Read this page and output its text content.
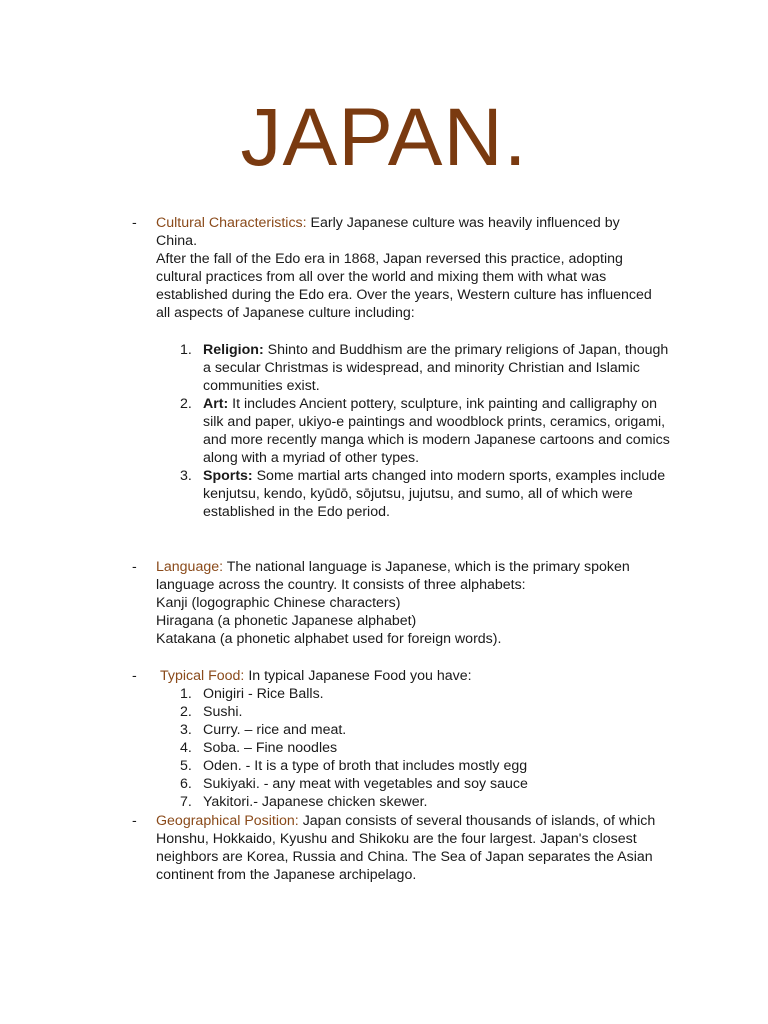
JAPAN.
- Cultural Characteristics: Early Japanese culture was heavily influenced by China.

After the fall of the Edo era in 1868, Japan reversed this practice, adopting cultural practices from all over the world and mixing them with what was established during the Edo era. Over the years, Western culture has influenced all aspects of Japanese culture including:

1. Religion: Shinto and Buddhism are the primary religions of Japan, though a secular Christmas is widespread, and minority Christian and Islamic communities exist.
2. Art: It includes Ancient pottery, sculpture, ink painting and calligraphy on silk and paper, ukiyo-e paintings and woodblock prints, ceramics, origami, and more recently manga which is modern Japanese cartoons and comics along with a myriad of other types.
3. Sports: Some martial arts changed into modern sports, examples include kenjutsu, kendo, kyūdō, sōjutsu, jujutsu, and sumo, all of which were established in the Edo period.
- Language: The national language is Japanese, which is the primary spoken language across the country. It consists of three alphabets:

Kanji (logographic Chinese characters)

Hiragana (a phonetic Japanese alphabet)

Katakana (a phonetic alphabet used for foreign words).

- Typical Food: In typical Japanese Food you have:

1. Onigiri - Rice Balls.
2. Sushi.
3. Curry. – rice and meat.
4. Soba. – Fine noodles
5. Oden. - It is a type of broth that includes mostly egg
6. Sukiyaki. - any meat with vegetables and soy sauce
7. Yakitori.- Japanese chicken skewer.
- Geographical Position: Japan consists of several thousands of islands, of which Honshu, Hokkaido, Kyushu and Shikoku are the four largest. Japan's closest neighbors are Korea, Russia and China. The Sea of Japan separates the Asian continent from the Japanese archipelago.
